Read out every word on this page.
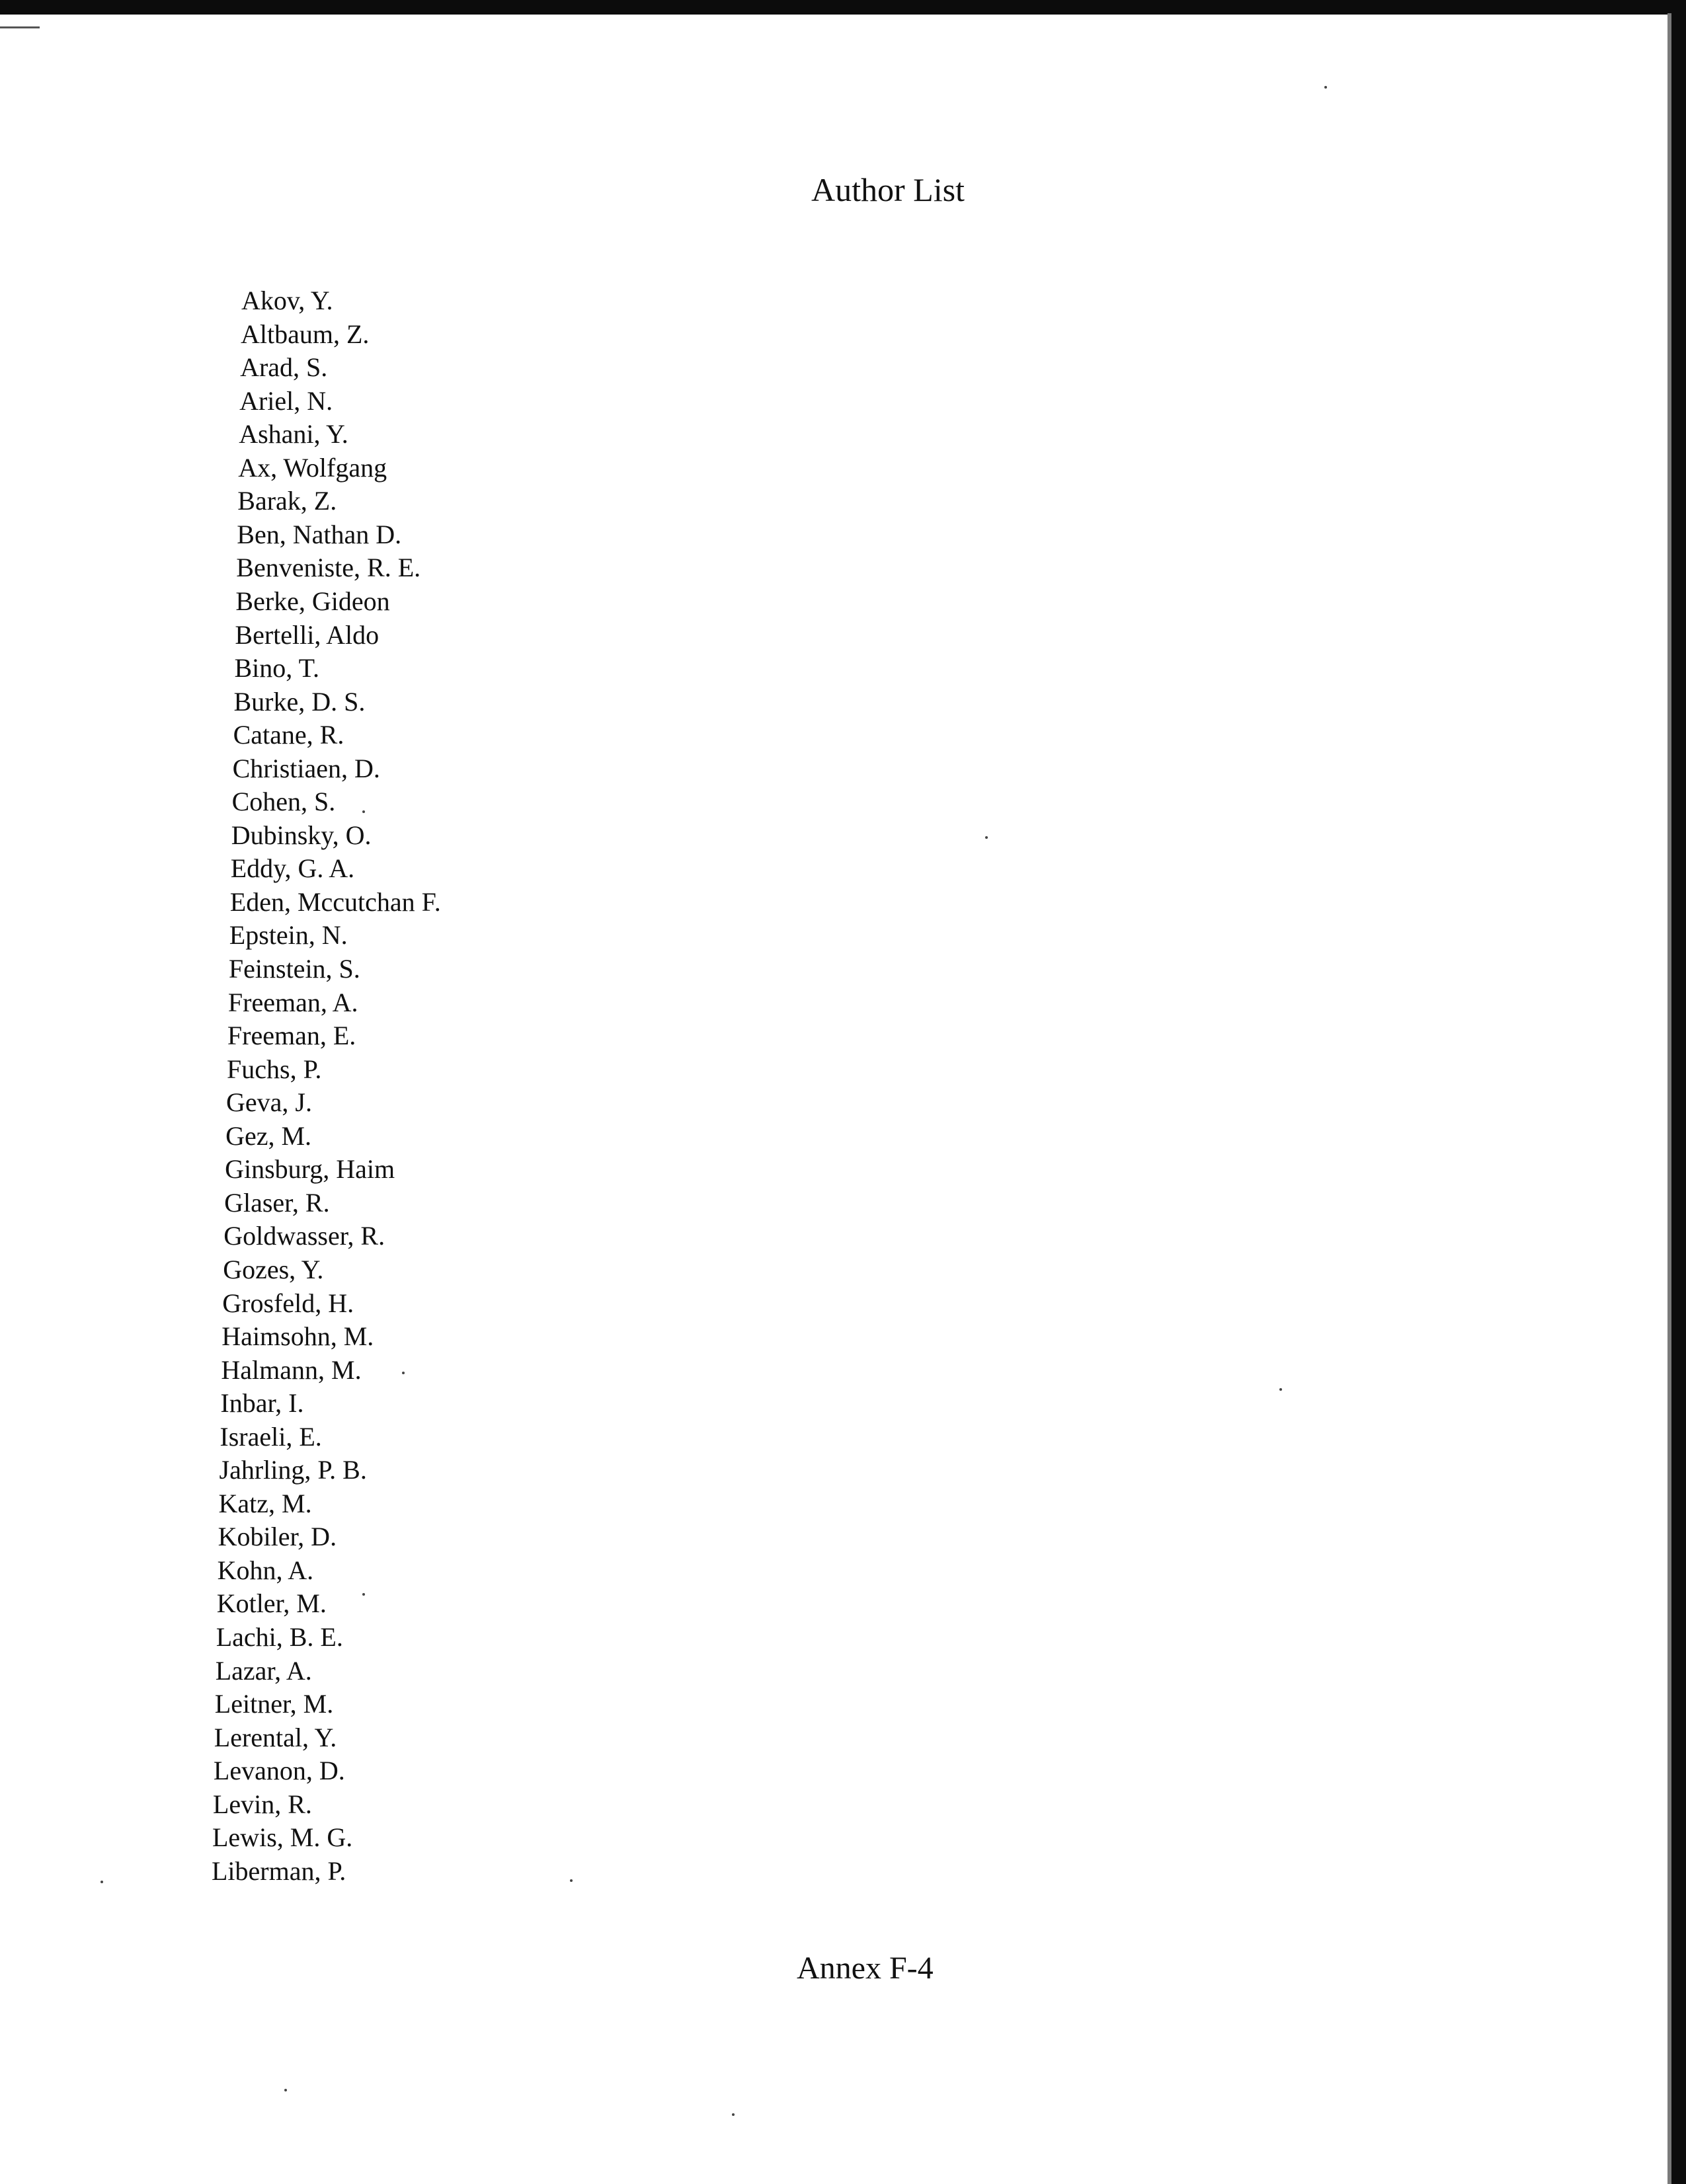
Author List
Akov, Y.
Altbaum, Z.
Arad, S.
Ariel, N.
Ashani, Y.
Ax, Wolfgang
Barak, Z.
Ben, Nathan D.
Benveniste, R. E.
Berke, Gideon
Bertelli, Aldo
Bino, T.
Burke, D. S.
Catane, R.
Christiaen, D.
Cohen, S.
Dubinsky, O.
Eddy, G. A.
Eden, Mccutchan F.
Epstein, N.
Feinstein, S.
Freeman, A.
Freeman, E.
Fuchs, P.
Geva, J.
Gez, M.
Ginsburg, Haim
Glaser, R.
Goldwasser, R.
Gozes, Y.
Grosfeld, H.
Haimsohn, M.
Halmann, M.
Inbar, I.
Israeli, E.
Jahrling, P. B.
Katz, M.
Kobiler, D.
Kohn, A.
Kotler, M.
Lachi, B. E.
Lazar, A.
Leitner, M.
Lerental, Y.
Levanon, D.
Levin, R.
Lewis, M. G.
Liberman, P.
Annex F-4
